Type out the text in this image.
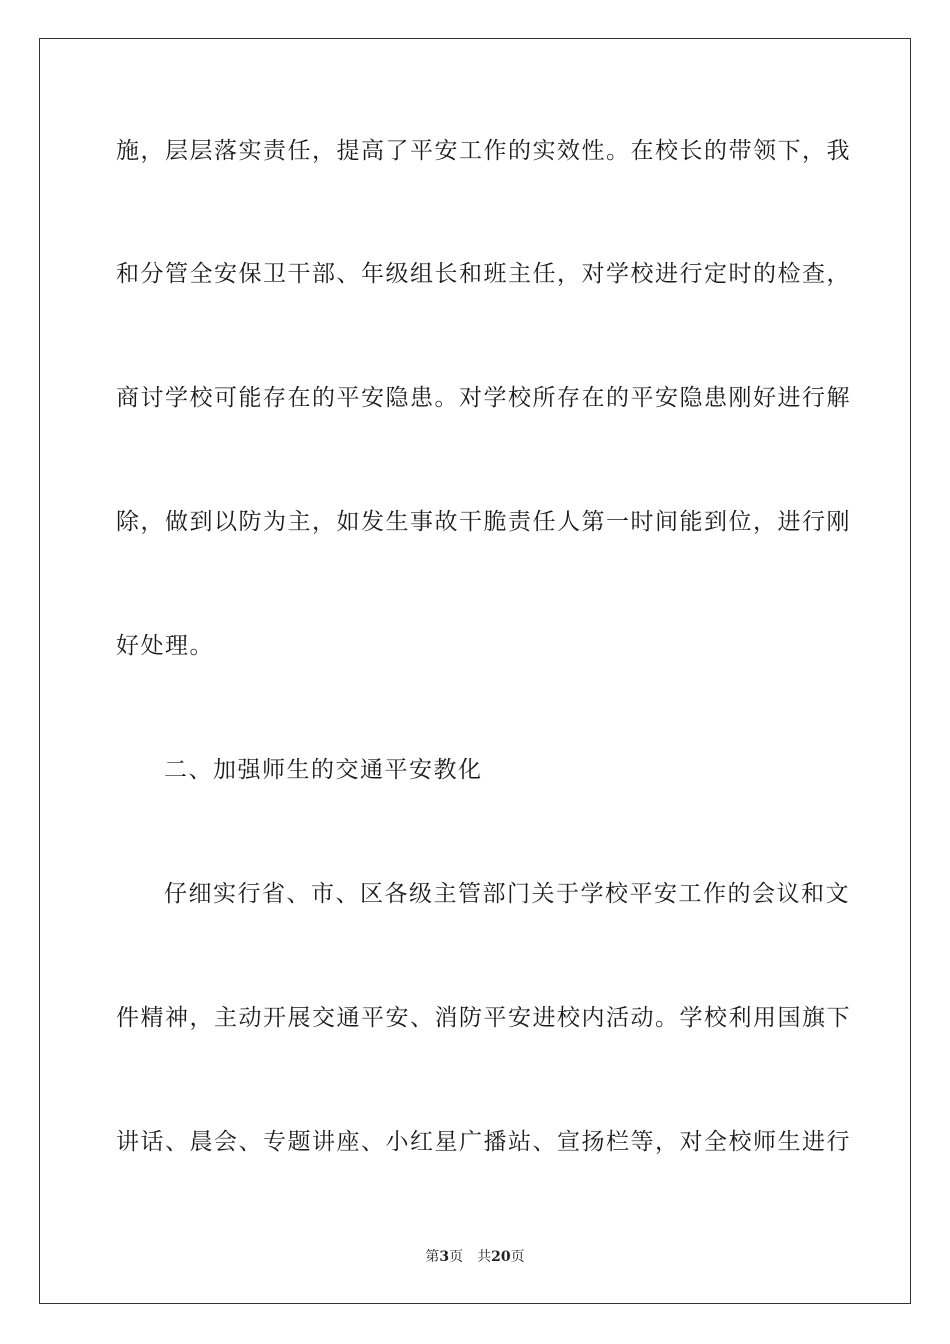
施，层层落实责任，提高了平安工作的实效性。在校长的带领下，我
和分管全安保卫干部、年级组长和班主任，对学校进行定时的检查，
商讨学校可能存在的平安隐患。对学校所存在的平安隐患刚好进行解
除，做到以防为主，如发生事故干脆责任人第一时间能到位，进行刚
好处理。
二、加强师生的交通平安教化
仔细实行省、市、区各级主管部门关于学校平安工作的会议和文
件精神，主动开展交通平安、消防平安进校内活动。学校利用国旗下
讲话、晨会、专题讲座、小红星广播站、宣扬栏等，对全校师生进行
第3页　共20页
